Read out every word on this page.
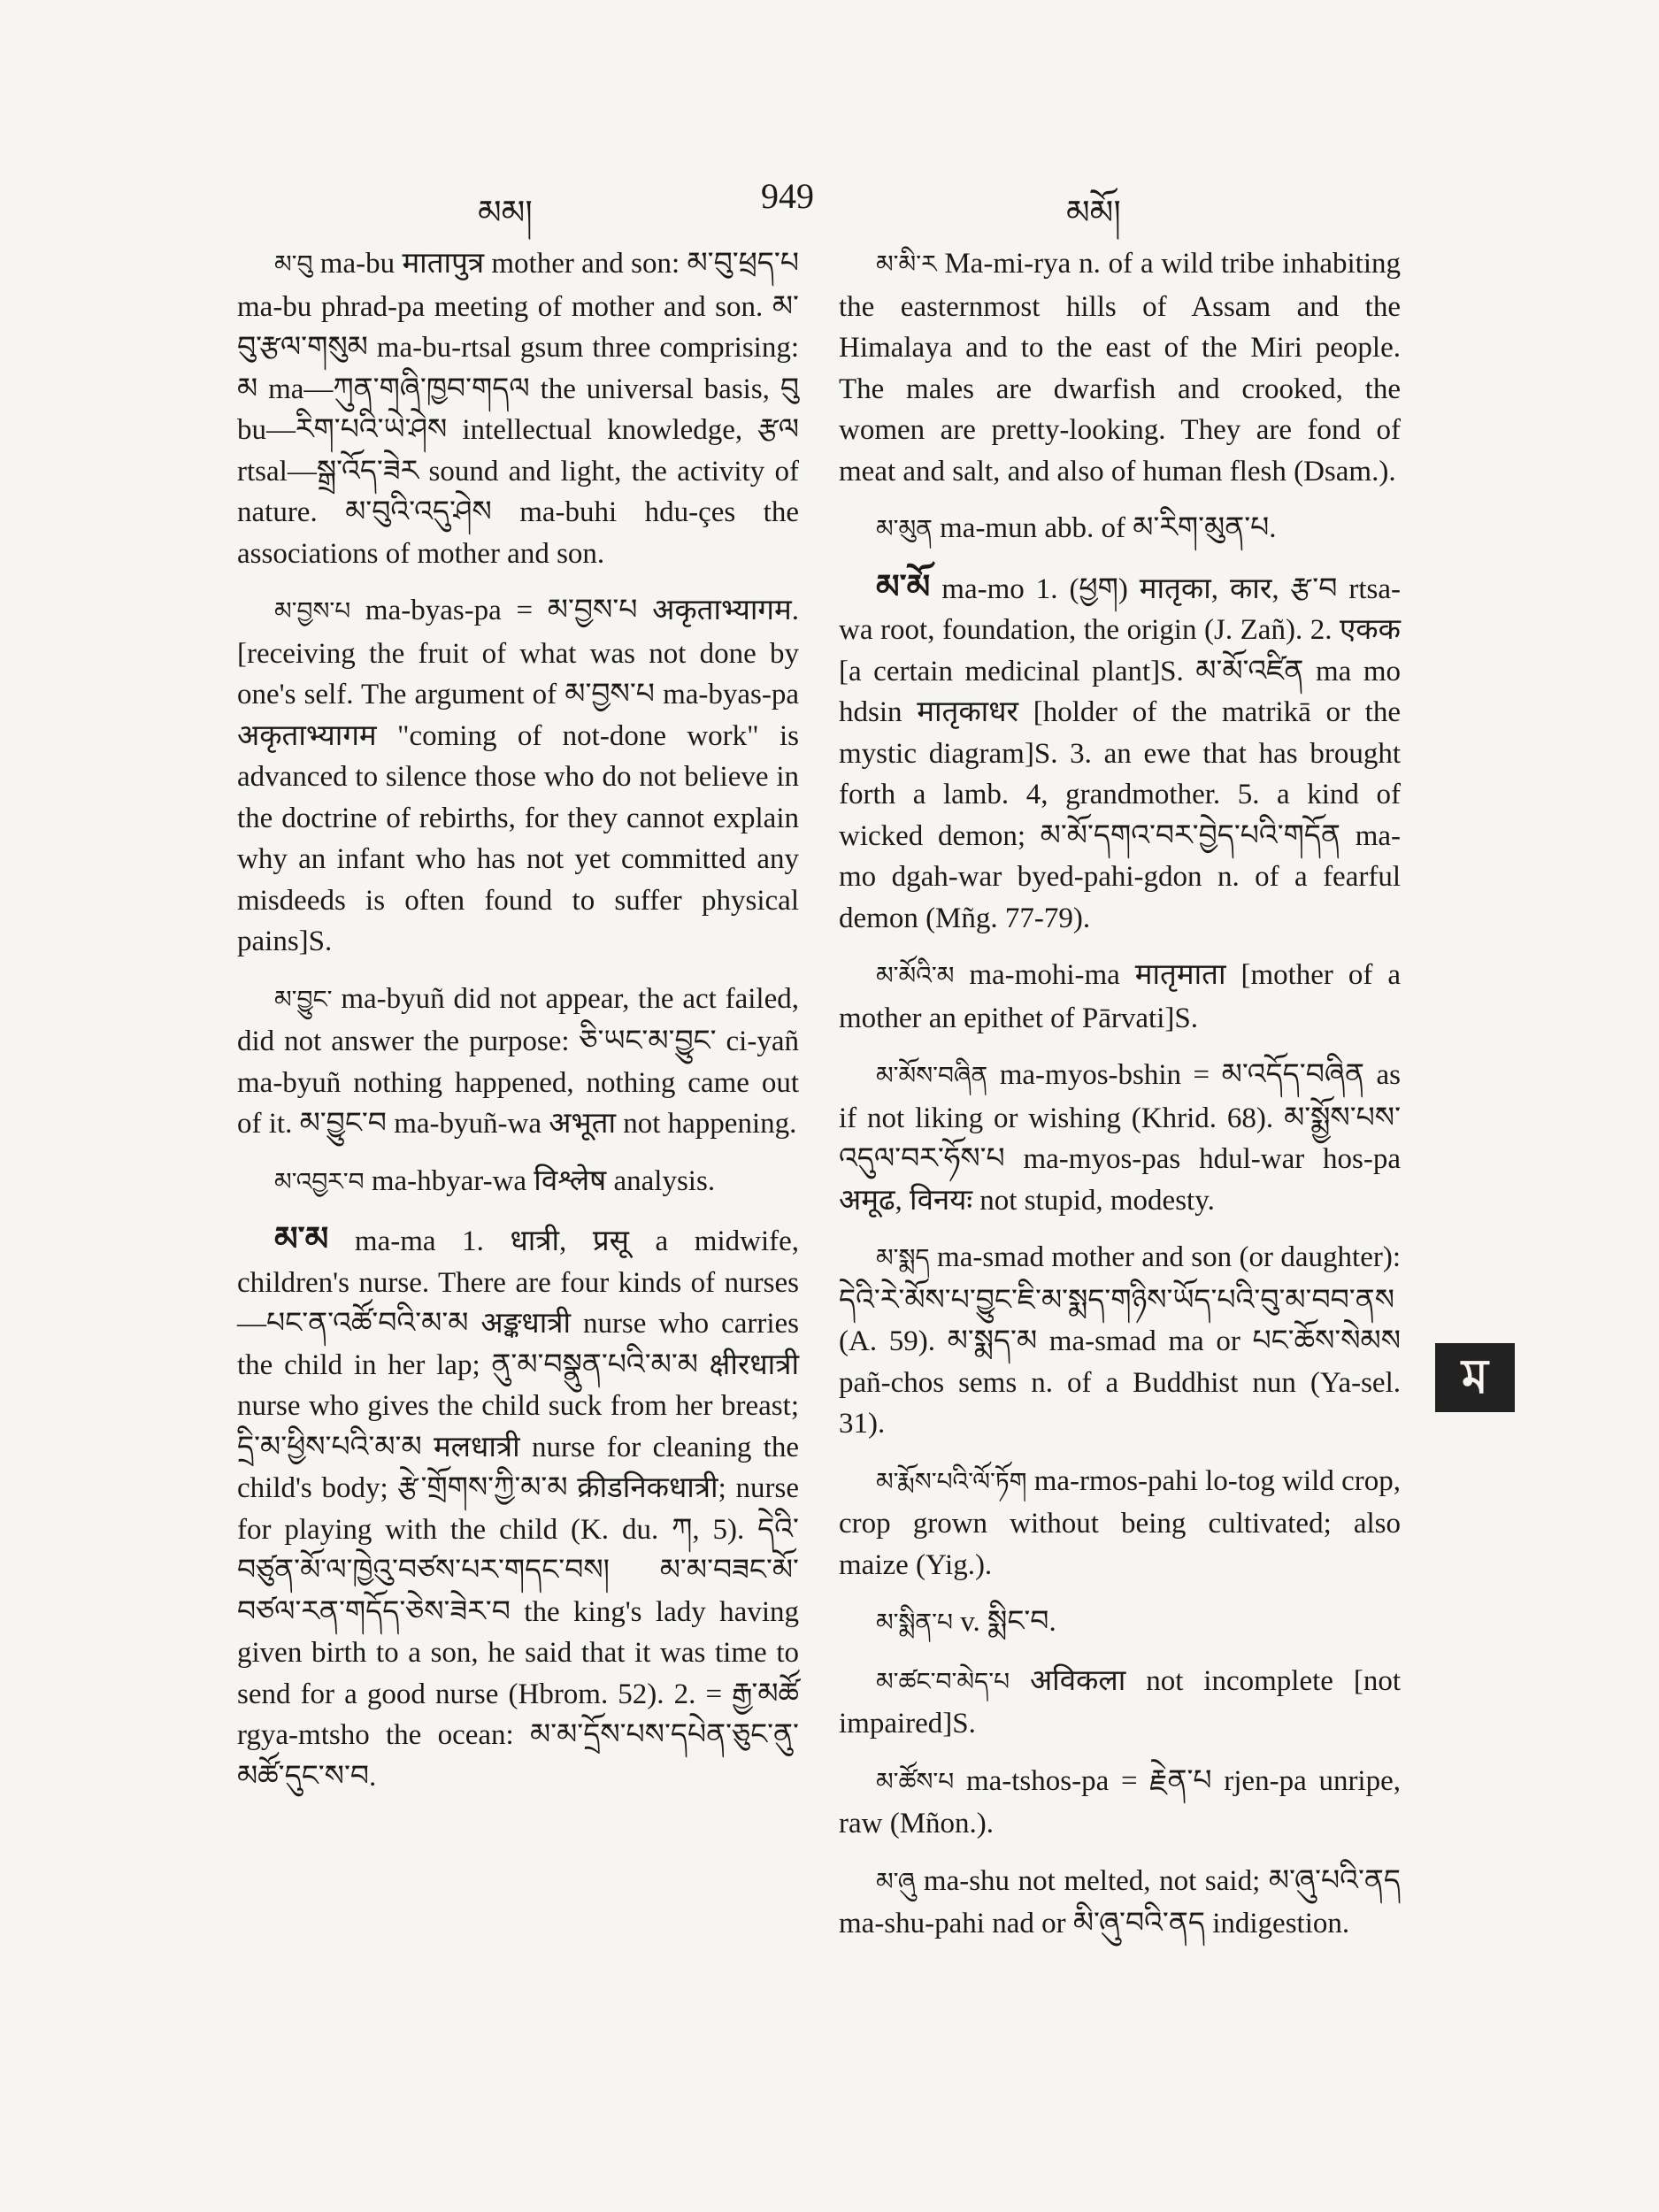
མམ།	949	མམོ།

མ་བུ ma-bu मातापुत्र mother and son: མ་བུ་ཕྲད་པ ma-bu phrad-pa meeting of mother and son. མ་བུ་རྩལ་གསུམ ma-bu-rtsal gsum three comprising: མ ma—ཀུན་གཞི་ཁྱབ་གདལ the universal basis, བུ bu—རིག་པའི་ཡེ་ཤེས intellectual knowledge, རྩལ rtsal—སྒྲ་འོད་ཟེར sound and light, the activity of nature. མ་བུའི་འདུ་ཤེས ma-buhi hdu-çes the associations of mother and son.

མ་བྱས་པ ma-byas-pa = མ་བྱས་པ अकृताभ्यागम. [receiving the fruit of what was not done by one's self. The argument of མ་བྱས་པ ma-byas-pa अकृताभ्यागम "coming of not-done work" is advanced to silence those who do not believe in the doctrine of rebirths, for they cannot explain why an infant who has not yet committed any misdeeds is often found to suffer physical pains]S.

མ་བྱུང་ ma-byuñ did not appear, the act failed, did not answer the purpose: ཅི་ཡང་མ་བྱུང་ ci-yañ ma-byuñ nothing happened, nothing came out of it. མ་བྱུང་བ ma-byuñ-wa अभूता not happening.

མ་འབྱར་བ ma-hbyar-wa विश्लेष analysis.

མ་མ ma-ma 1. धात्री, प्रसू a midwife, children's nurse. There are four kinds of nurses—པང་ན་འཚོ་བའི་མ་མ अङ्कधात्री nurse who carries the child in her lap; ནུ་མ་བསྣུན་པའི་མ་མ क्षीरधात्री nurse who gives the child suck from her breast; དྲི་མ་ཕྱིས་པའི་མ་མ मलधात्री nurse for cleaning the child's body; རྩེ་གྲོགས་ཀྱི་མ་མ क्रीडनिकधात्री; nurse for playing with the child (K. du. ཀ, 5). དེའི་བཙུན་མོ་ལ་ཁྱེའུ་བཙས་པར་གདང་བས། མ་མ་བཟང་མོ་བཙལ་རན་གདོད་ཅེས་ཟེར་བ the king's lady having given birth to a son, he said that it was time to send for a good nurse (Hbrom. 52). 2. = རྒྱ་མཚོ rgya-mtsho the ocean: མ་མ་དྲོས་པས་དཔེན་ཅུང་ནུ་མཚོ་དུང་ས་བ.

མ་མི་ར Ma-mi-rya n. of a wild tribe inhabiting the easternmost hills of Assam and the Himalaya and to the east of the Miri people. The males are dwarfish and crooked, the women are pretty-looking. They are fond of meat and salt, and also of human flesh (Dsam.).

མ་མུན ma-mun abb. of མ་རིག་མུན་པ.

མ་མོ ma-mo 1. (ཕྱག) मातृका, कार, རྩ་བ rtsa-wa root, foundation, the origin (J. Zañ). 2. एकक [a certain medicinal plant]S. མ་མོ་འཛིན ma mo hdsin मातृकाधर [holder of the matrikā or the mystic diagram]S. 3. an ewe that has brought forth a lamb. 4, grandmother. 5. a kind of wicked demon; མ་མོ་དགའ་བར་བྱེད་པའི་གདོན ma-mo dgah-war byed-pahi-gdon n. of a fearful demon (Mñg. 77-79).

མ་མོའི་མ ma-mohi-ma मातृमाता [mother of a mother an epithet of Pārvati]S.

མ་མོས་བཞིན ma-myos-bshin = མ་འདོད་བཞིན as if not liking or wishing (Khrid. 68). མ་སྨྱོས་པས་འདུལ་བར་ཧོས་པ ma-myos-pas hdul-war hos-pa अमूढ, विनयः not stupid, modesty.

མ་སྨད ma-smad mother and son (or daughter): དེའི་རེ་མོས་པ་བྱུང་ཇི་མ་སྨད་གཉིས་ཡོད་པའི་བུ་མ་བབ་ནས (A. 59). མ་སྨད་མ ma-smad ma or པང་ཆོས་སེམས pañ-chos sems n. of a Buddhist nun (Ya-sel. 31).

མ་རྨོས་པའི་ལོ་ཏོག ma-rmos-pahi lo-tog wild crop, crop grown without being cultivated; also maize (Yig.).

མ་སྨིན་པ v. སྨིང་བ.

མ་ཚང་བ་མེད་པ अविकला not incomplete [not impaired]S.

མ་ཚོས་པ ma-tshos-pa = རྗེན་པ rjen-pa unripe, raw (Mñon.).

མ་ཞུ ma-shu not melted, not said; མ་ཞུ་པའི་ནད ma-shu-pahi nad or མི་ཞུ་བའི་ནད indigestion.

ম
